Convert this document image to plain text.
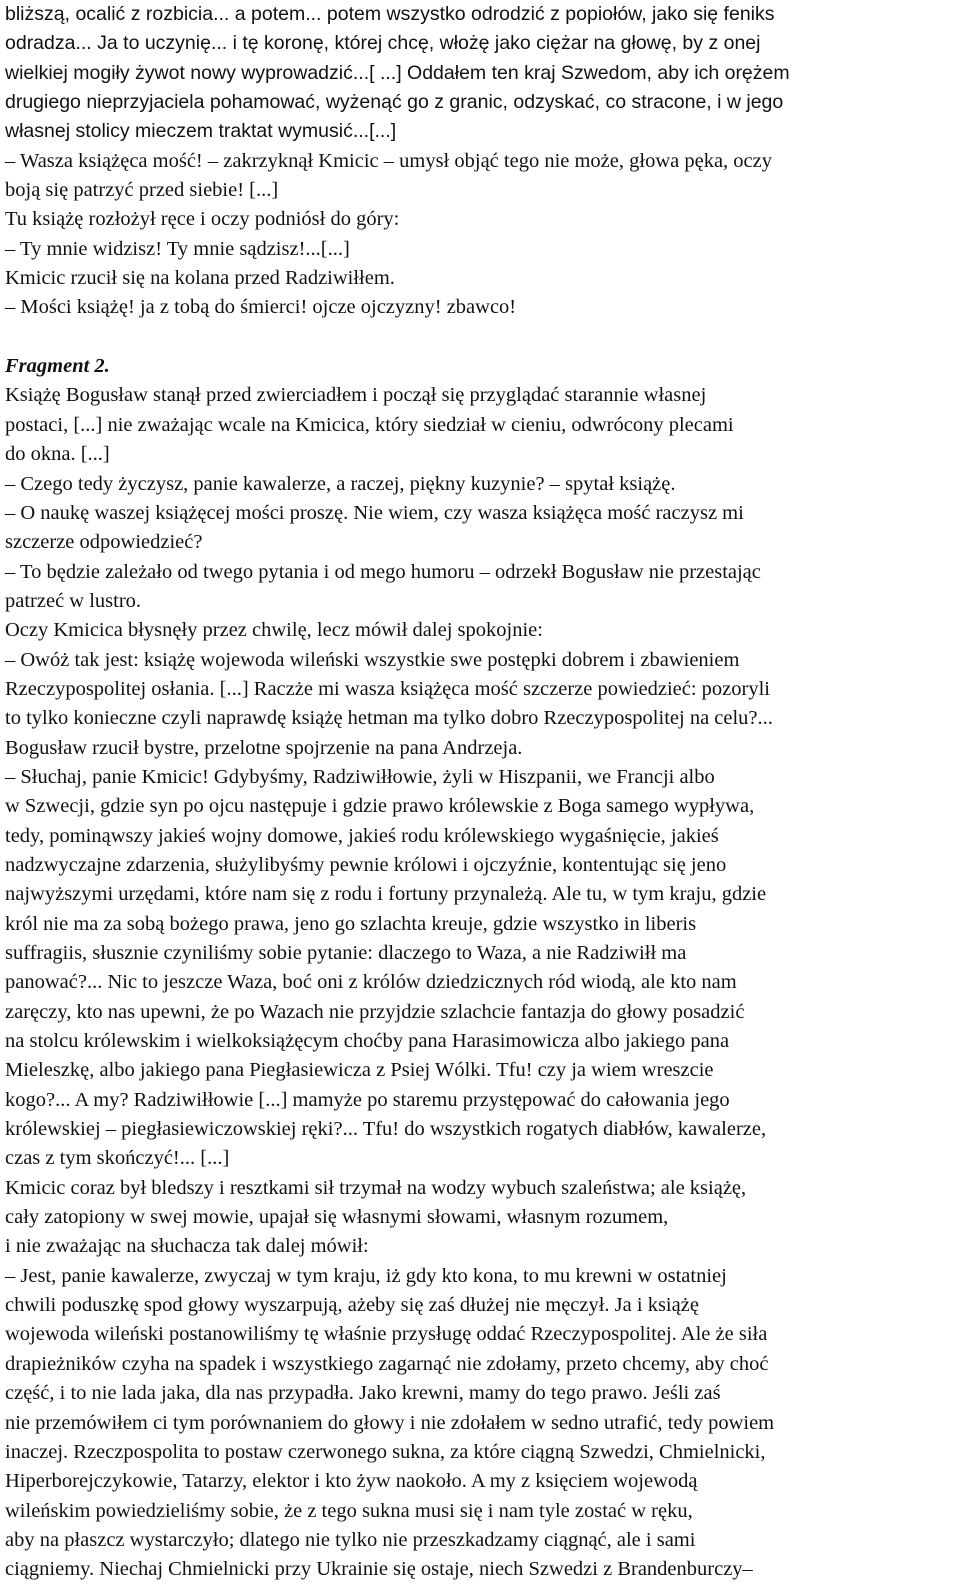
bliższą, ocalić z rozbicia... a potem... potem wszystko odrodzić z popiołów, jako się feniks
odradza... Ja to uczynię... i tę koronę, której chcę, włożę jako ciężar na głowę, by z onej
wielkiej mogiły żywot nowy wyprowadzić...[ ...] Oddałem ten kraj Szwedom, aby ich orężem
drugiego nieprzyjaciela pohamować, wyżenąć go z granic, odzyskać, co stracone, i w jego
własnej stolicy mieczem traktat wymusić...[...]
– Wasza książęca mość! – zakrzyknął Kmicic – umysł objąć tego nie może, głowa pęka, oczy
boją się patrzyć przed siebie! [...]
Tu książę rozłożył ręce i oczy podniósł do góry:
– Ty mnie widzisz! Ty mnie sądzisz!...[...]
Kmicic rzucił się na kolana przed Radziwiłłem.
– Mości książę! ja z tobą do śmierci! ojcze ojczyzny! zbawco!
Fragment 2.
Książę Bogusław stanął przed zwierciadłem i począł się przyglądać starannie własnej
postaci, [...] nie zważając wcale na Kmicica, który siedział w cieniu, odwrócony plecami
do okna. [...]
– Czego tedy życzysz, panie kawalerze, a raczej, piękny kuzynie? – spytał książę.
– O naukę waszej książęcej mości proszę. Nie wiem, czy wasza książęca mość raczysz mi
szczerze odpowiedzieć?
– To będzie zależało od twego pytania i od mego humoru – odrzekł Bogusław nie przestając
patrzeć w lustro.
Oczy Kmicica błysnęły przez chwilę, lecz mówił dalej spokojnie:
– Owóż tak jest: książę wojewoda wileński wszystkie swe postępki dobrem i zbawieniem
Rzeczypospolitej osłania. [...] Raczże mi wasza książęca mość szczerze powiedzieć: pozoryli
to tylko konieczne czyli naprawdę książę hetman ma tylko dobro Rzeczypospolitej na celu?...
Bogusław rzucił bystre, przelotne spojrzenie na pana Andrzeja.
– Słuchaj, panie Kmicic! Gdybyśmy, Radziwiłłowie, żyli w Hiszpanii, we Francji albo
w Szwecji, gdzie syn po ojcu następuje i gdzie prawo królewskie z Boga samego wypływa,
tedy, pominąwszy jakieś wojny domowe, jakieś rodu królewskiego wygaśnięcie, jakieś
nadzwyczajne zdarzenia, służylibyśmy pewnie królowi i ojczyźnie, kontentując się jeno
najwyższymi urzędami, które nam się z rodu i fortuny przynależą. Ale tu, w tym kraju, gdzie
król nie ma za sobą bożego prawa, jeno go szlachta kreuje, gdzie wszystko in liberis
suffragiis, słusznie czyniliśmy sobie pytanie: dlaczego to Waza, a nie Radziwiłł ma
panować?... Nic to jeszcze Waza, boć oni z królów dziedzicznych ród wiodą, ale kto nam
zaręczy, kto nas upewni, że po Wazach nie przyjdzie szlachcie fantazja do głowy posadzić
na stolcu królewskim i wielkoksiążęcym choćby pana Harasimowicza albo jakiego pana
Mieleszkę, albo jakiego pana Piegłasiewicza z Psiej Wólki. Tfu! czy ja wiem wreszcie
kogo?... A my? Radziwiłłowie [...] mamyże po staremu przystępować do całowania jego
królewskiej – piegłasiewiczowskiej ręki?... Tfu! do wszystkich rogatych diabłów, kawalerze,
czas z tym skończyć!... [...]
Kmicic coraz był bledszy i resztkami sił trzymał na wodzy wybuch szaleństwa; ale książę,
cały zatopiony w swej mowie, upajał się własnymi słowami, własnym rozumem,
i nie zważając na słuchacza tak dalej mówił:
– Jest, panie kawalerze, zwyczaj w tym kraju, iż gdy kto kona, to mu krewni w ostatniej
chwili poduszkę spod głowy wyszarpują, ażeby się zaś dłużej nie męczył. Ja i książę
wojewoda wileński postanowiliśmy tę właśnie przysługę oddać Rzeczypospolitej. Ale że siła
drapieżników czyha na spadek i wszystkiego zagarnąć nie zdołamy, przeto chcemy, aby choć
część, i to nie lada jaka, dla nas przypadła. Jako krewni, mamy do tego prawo. Jeśli zaś
nie przemówiłem ci tym porównaniem do głowy i nie zdołałem w sedno utrafić, tedy powiem
inaczej. Rzeczpospolita to postaw czerwonego sukna, za które ciągną Szwedzi, Chmielnicki,
Hiperborejczykowie, Tatarzy, elektor i kto żyw naokoło. A my z księciem wojewodą
wileńskim powiedzieliśmy sobie, że z tego sukna musi się i nam tyle zostać w ręku,
aby na płaszcz wystarczyło; dlatego nie tylko nie przeszkadzamy ciągnąć, ale i sami
ciągniemy. Niechaj Chmielnicki przy Ukrainie się ostaje, niech Szwedzi z Brandenburczy–
